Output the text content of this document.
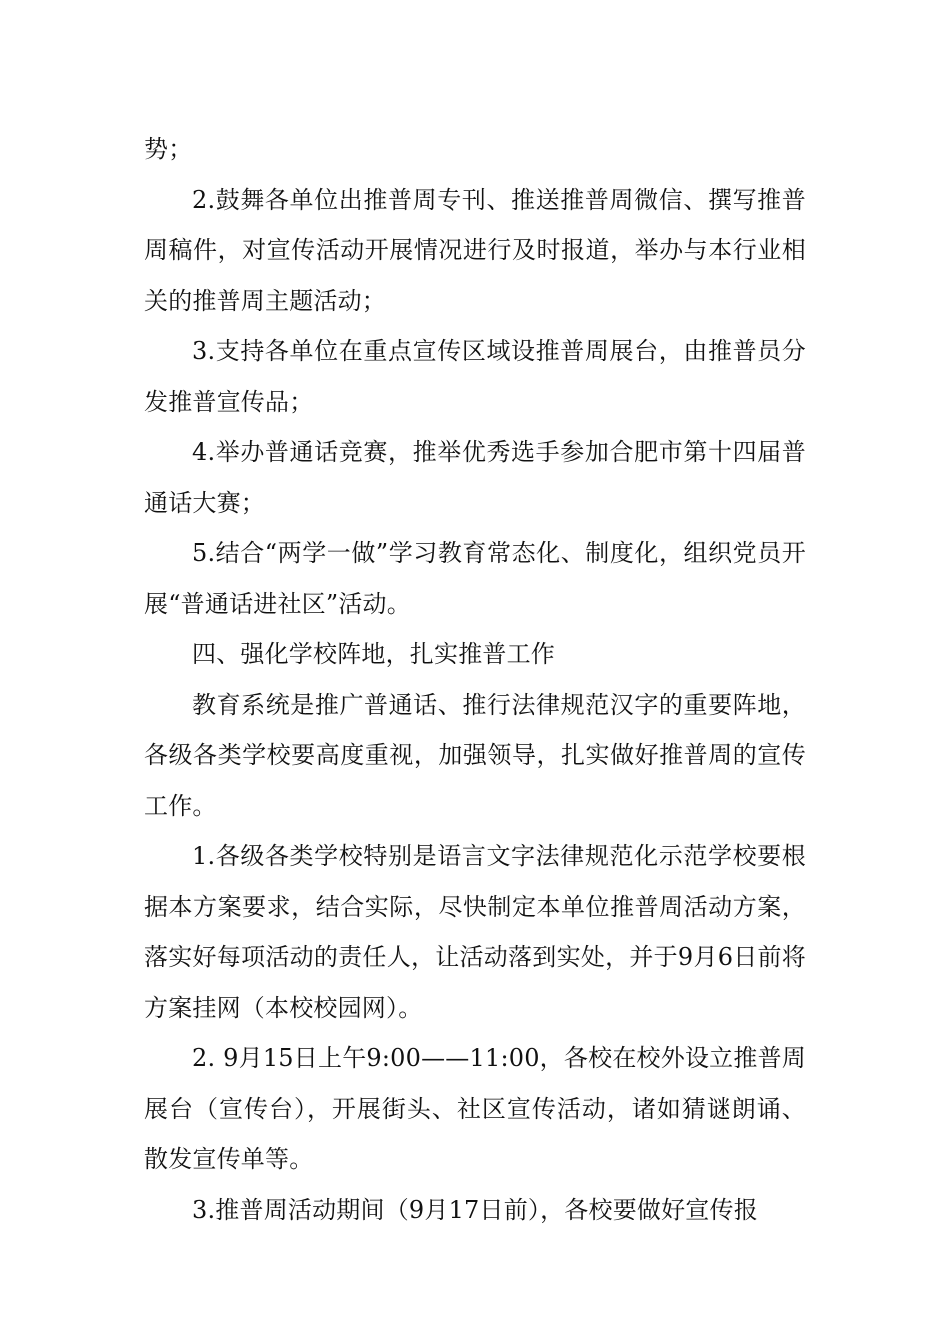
势；

2.鼓舞各单位出推普周专刊、推送推普周微信、撰写推普周稿件，对宣传活动开展情况进行及时报道，举办与本行业相关的推普周主题活动；

3.支持各单位在重点宣传区域设推普周展台，由推普员分发推普宣传品；

4.举办普通话竞赛，推举优秀选手参加合肥市第十四届普通话大赛；

5.结合“两学一做”学习教育常态化、制度化，组织党员开展“普通话进社区”活动。

四、强化学校阵地，扎实推普工作

教育系统是推广普通话、推行法律规范汉字的重要阵地，各级各类学校要高度重视，加强领导，扎实做好推普周的宣传工作。

1.各级各类学校特别是语言文字法律规范化示范学校要根据本方案要求，结合实际，尽快制定本单位推普周活动方案，落实好每项活动的责任人，让活动落到实处，并于9月6日前将方案挂网（本校校园网）。

2. 9月15日上午9:00——11:00，各校在校外设立推普周展台（宣传台），开展街头、社区宣传活动，诸如猜谜朗诵、散发宣传单等。

3.推普周活动期间（9月17日前），各校要做好宣传报
